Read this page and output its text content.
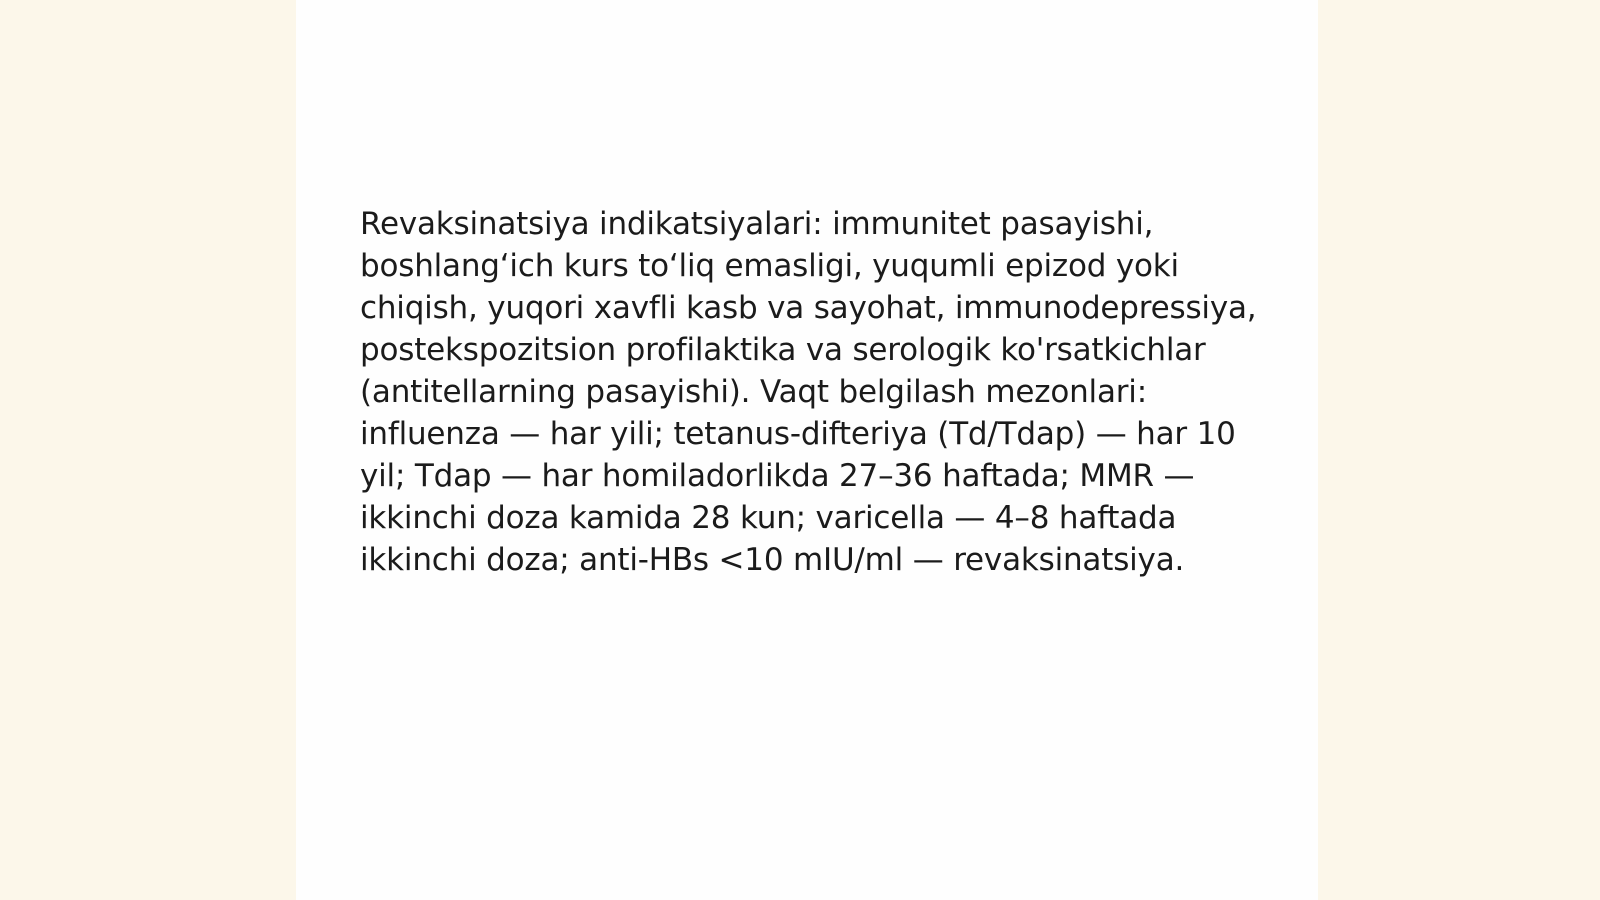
Revaksinatsiya indikatsiyalari: immunitet pasayishi, boshlang‘ich kurs to‘liq emasligi, yuqumli epizod yoki chiqish, yuqori xavfli kasb va sayohat, immunodepressiya, postekspozitsion profilaktika va serologik ko'rsatkichlar (antitellarning pasayishi). Vaqt belgilash mezonlari: influenza — har yili; tetanus-difteriya (Td/Tdap) — har 10 yil; Tdap — har homiladorlikda 27–36 haftada; MMR — ikkinchi doza kamida 28 kun; varicella — 4–8 haftada ikkinchi doza; anti-HBs <10 mIU/ml — revaksinatsiya.
